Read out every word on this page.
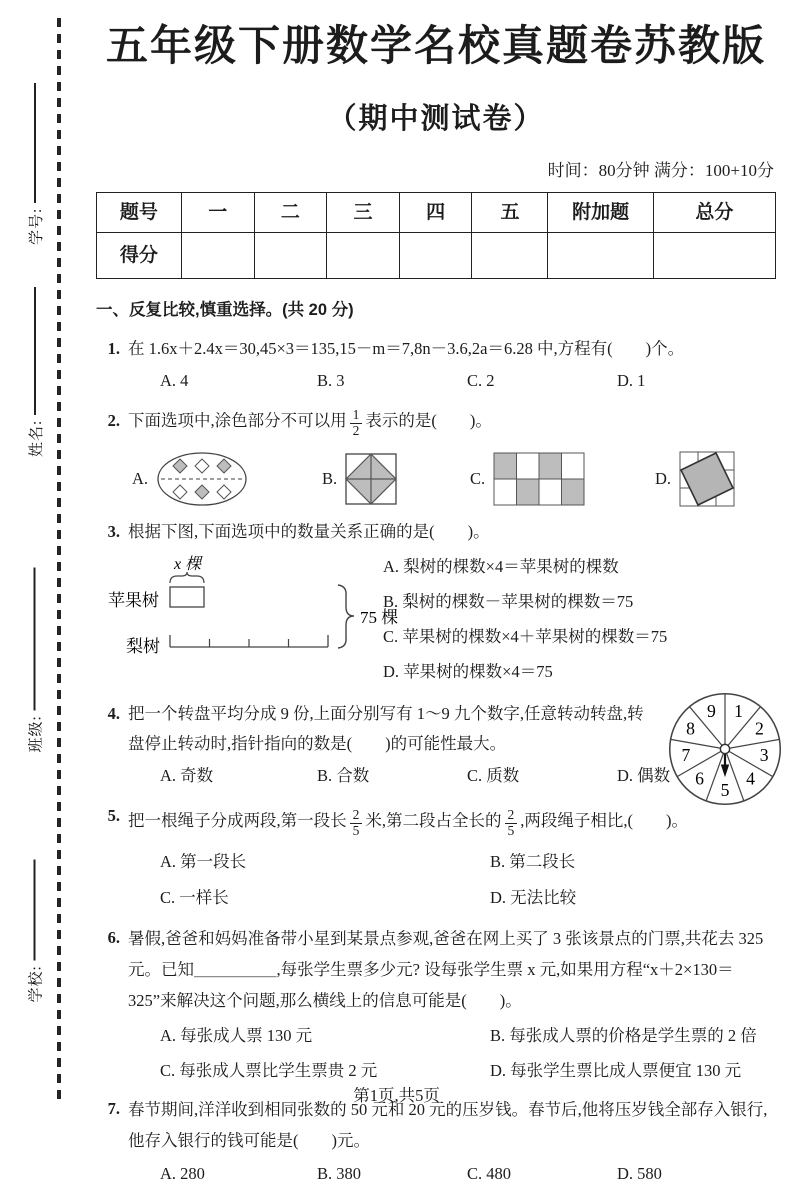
学号:
姓名:
班级:
学校:
五年级下册数学名校真题卷苏教版
（期中测试卷）
时间：80分钟 满分：100+10分
题号	一	二	三	四	五	附加题	总分
得分							
一、反复比较,慎重选择。(共 20 分)
1. 在 1.6x＋2.4x＝30,45×3＝135,15－m＝7,8n－3.6,2a＝6.28 中,方程有(　　)个。
A. 4	B. 3	C. 2	D. 1
2. 下面选项中,涂色部分不可以用 $\frac{1}{2}$ 表示的是(　　)。
A.	B.	C.	D.
3. 根据下图,下面选项中的数量关系正确的是(　　)。
x 棵
苹果树
梨树
75 棵
A. 梨树的棵数×4＝苹果树的棵数
B. 梨树的棵数－苹果树的棵数＝75
C. 苹果树的棵数×4＋苹果树的棵数＝75
D. 苹果树的棵数×4＝75
4. 把一个转盘平均分成 9 份,上面分别写有 1～9 九个数字,任意转动转盘,转盘停止转动时,指针指向的数是(　　)的可能性最大。
A. 奇数	B. 合数	C. 质数	D. 偶数
1
2
3
4
5
6
7
8
9
5. 把一根绳子分成两段,第一段长 $\frac{2}{5}$ 米,第二段占全长的 $\frac{2}{5}$ ,两段绳子相比,(　　)。
A. 第一段长	B. 第二段长
C. 一样长	D. 无法比较
6. 暑假,爸爸和妈妈准备带小星到某景点参观,爸爸在网上买了 3 张该景点的门票,共花去 325 元。已知＿＿＿＿＿,每张学生票多少元? 设每张学生票 x 元,如果用方程“x＋2×130＝325”来解决这个问题,那么横线上的信息可能是(　　)。
A. 每张成人票 130 元	B. 每张成人票的价格是学生票的 2 倍
C. 每张成人票比学生票贵 2 元	D. 每张学生票比成人票便宜 130 元
7. 春节期间,洋洋收到相同张数的 50 元和 20 元的压岁钱。春节后,他将压岁钱全部存入银行,他存入银行的钱可能是(　　)元。
A. 280	B. 380	C. 480	D. 580
第1页,共5页
